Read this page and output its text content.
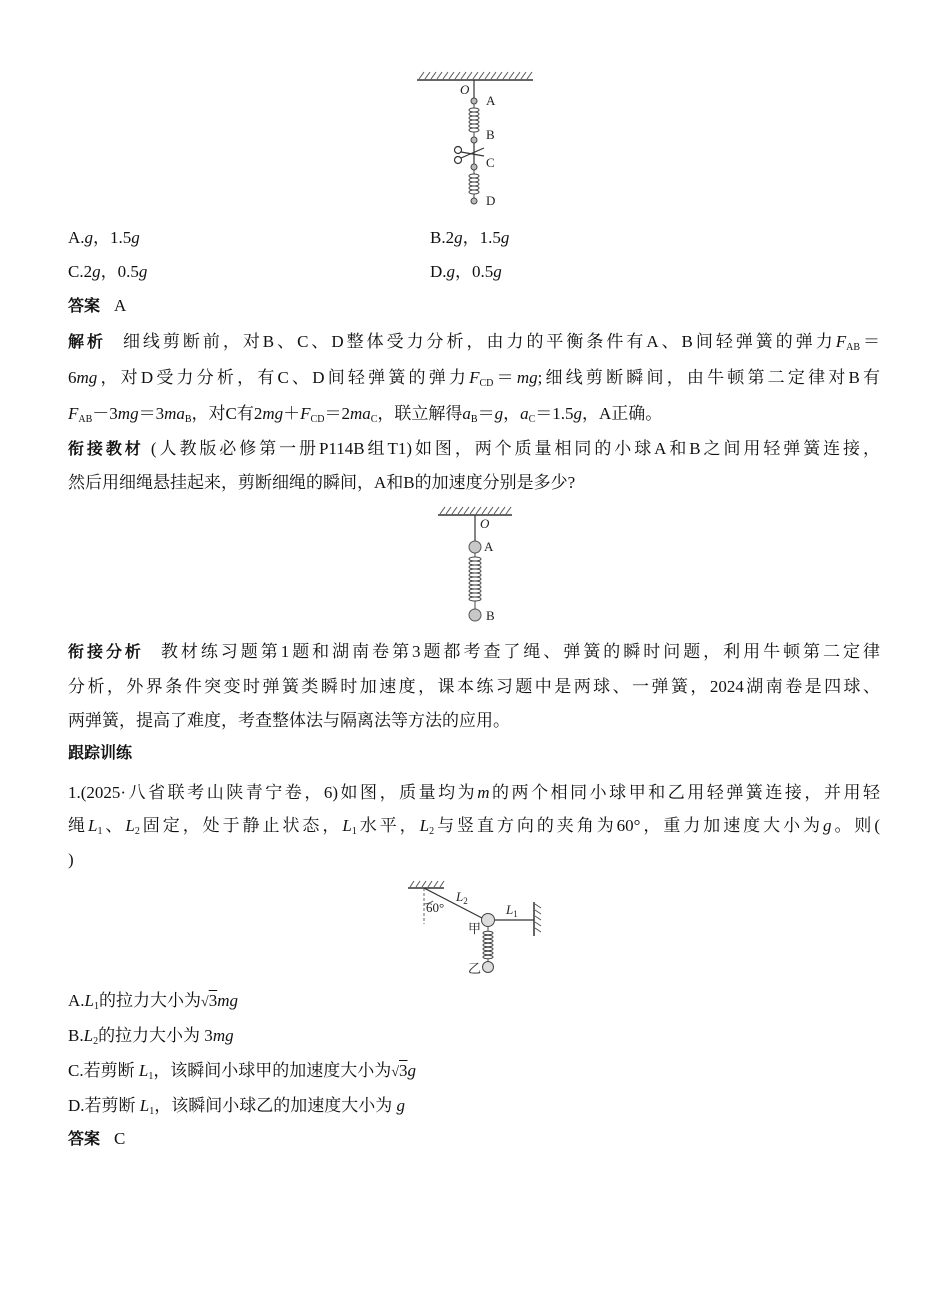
O
A
B
C
D
A.g，1.5g	B.2g，1.5g
C.2g，0.5g	D.g，0.5g
答案 A
解析 细线剪断前，对B、C、D整体受力分析，由力的平衡条件有A、B间轻弹簧的弹力$F_{AB}=$
6mg，对D受力分析，有C、D间轻弹簧的弹力$F_{CD}=mg$;细线剪断瞬间，由牛顿第二定律对B有
$F_{AB}-3mg=3ma_B$，对C有$2mg+F_{CD}=2ma_C$，联立解得$a_B=g$，$a_C=1.5g$，A正确。
衔接教材 (人教版必修第一册P114B组T1)如图，两个质量相同的小球A和B之间用轻弹簧连接，
然后用细绳悬挂起来，剪断细绳的瞬间，A和B的加速度分别是多少?
O
A
B
衔接分析 教材练习题第1题和湖南卷第3题都考查了绳、弹簧的瞬时问题，利用牛顿第二定律
分析，外界条件突变时弹簧类瞬时加速度，课本练习题中是两球、一弹簧，2024湖南卷是四球、
两弹簧，提高了难度，考查整体法与隔离法等方法的应用。
跟踪训练
1.(2025·八省联考山陕青宁卷，6)如图，质量均为m的两个相同小球甲和乙用轻弹簧连接，并用轻
绳$L_1$、$L_2$固定，处于静止状态，$L_1$水平，$L_2$与竖直方向的夹角为60°，重力加速度大小为g。则(
)
60°
$L_2$
$L_1$
甲
乙
$A.L_1$的拉力大小为√3mg
$B.L_2$的拉力大小为 3mg
C.若剪断 $L_1$，该瞬间小球甲的加速度大小为√3g
D.若剪断 $L_1$，该瞬间小球乙的加速度大小为 g
答案 C
